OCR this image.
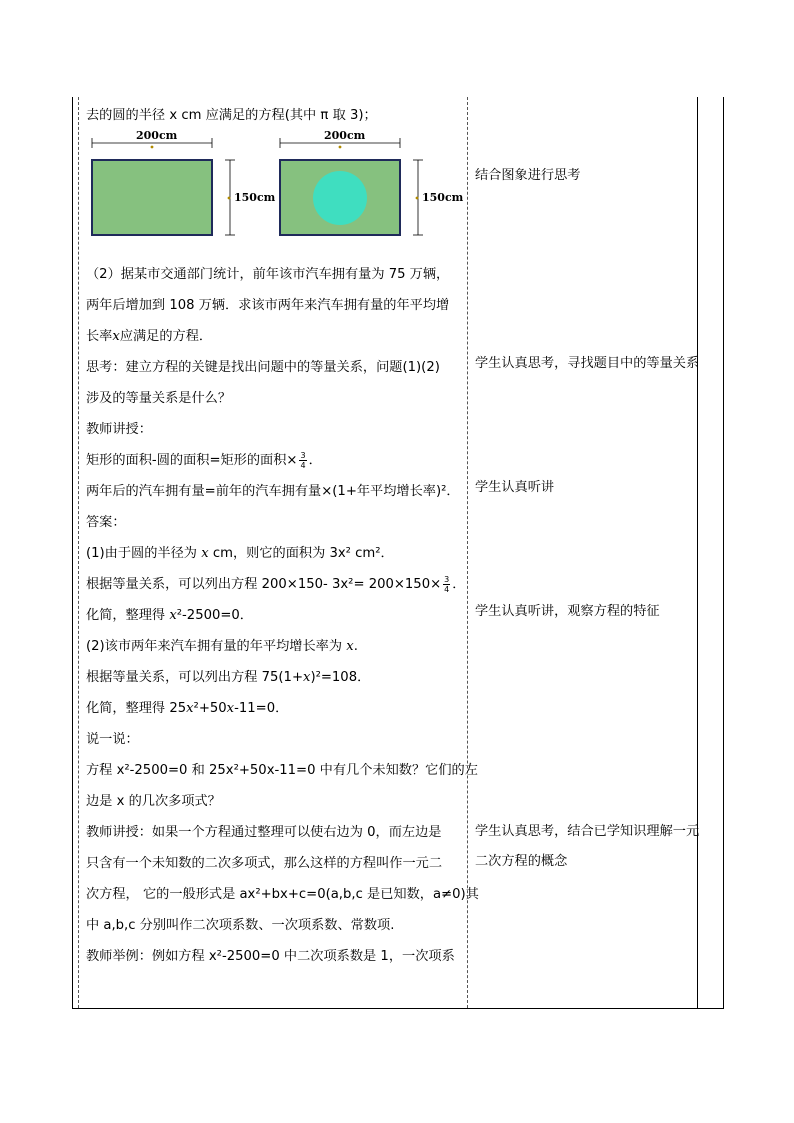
去的圆的半径 x cm 应满足的方程(其中 π 取 3)；

200cm
150cm
200cm
150cm

（2）据某市交通部门统计，前年该市汽车拥有量为 75 万辆，

两年后增加到 108 万辆．求该市两年来汽车拥有量的年平均增

长率x应满足的方程．

思考：建立方程的关键是找出问题中的等量关系，问题(1)(2)

涉及的等量关系是什么？

教师讲授：

矩形的面积-圆的面积=矩形的面积× $\frac{3}{4}$ ．

两年后的汽车拥有量=前年的汽车拥有量×(1+年平均增长率)²．

答案：

(1)由于圆的半径为 x cm，则它的面积为 3x² cm²．

根据等量关系，可以列出方程 200×150- $3x^2= 200\times 150\times \frac{3}{4}$ ．

化简，整理得 x²-2500=0．

(2)该市两年来汽车拥有量的年平均增长率为 x.

根据等量关系，可以列出方程 75(1+x)²=108．

化简，整理得 25x²+50x-11=0．

说一说：

方程 x²-2500=0 和 25x²+50x-11=0 中有几个未知数？它们的左

边是 x 的几次多项式？

教师讲授：如果一个方程通过整理可以使右边为 0，而左边是

只含有一个未知数的二次多项式，那么这样的方程叫作一元二

次方程， 它的一般形式是 ax²+bx+c=0(a,b,c 是已知数，a≠0)其

中 a,b,c 分别叫作二次项系数、一次项系数、常数项.

教师举例：例如方程 x²-2500=0 中二次项系数是 1，一次项系

结合图象进行思考

学生认真思考，寻找题目中的等量关系

学生认真听讲

学生认真听讲，观察方程的特征

学生认真思考，结合已学知识理解一元二次方程的概念
